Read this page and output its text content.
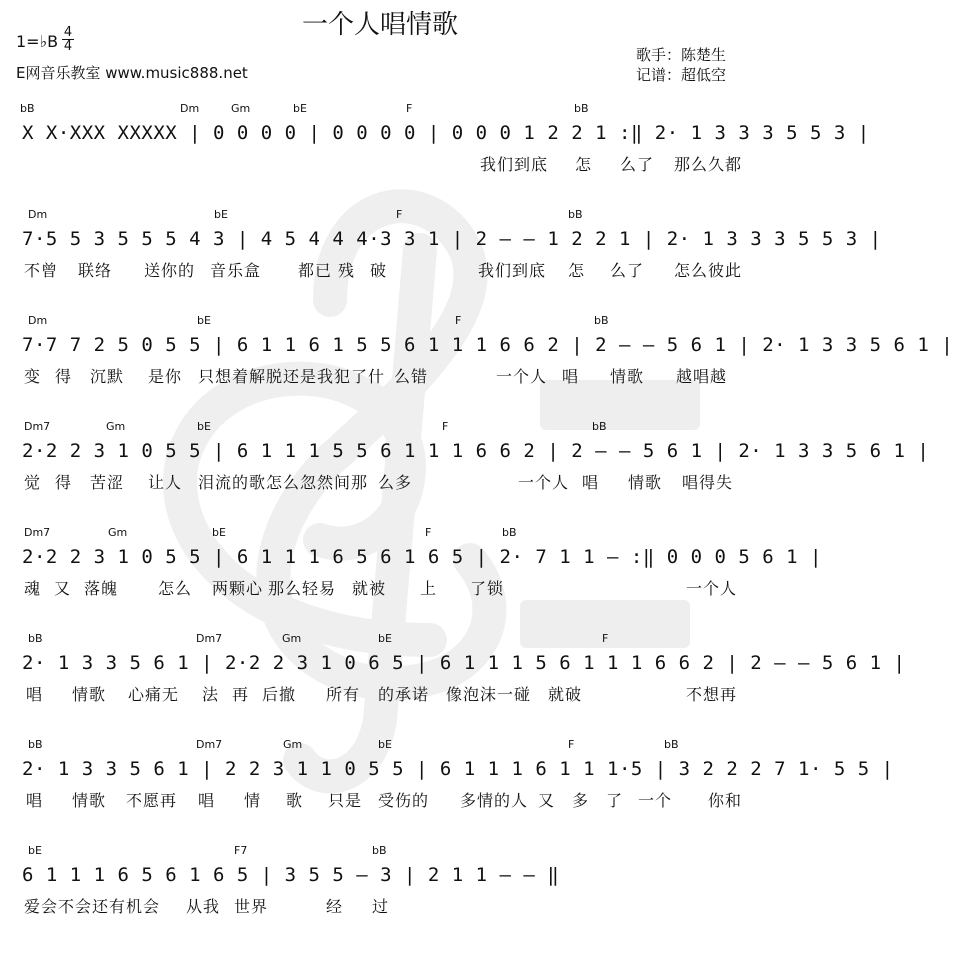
一个人唱情歌
1=♭B 4
4
E网音乐教室 www.music888.net
歌手：陈楚生
记谱：超低空
bB	Dm	Gm	bE	F	bB
X X·XXX XXXXX | 0 0 0 0 | 0 0 0 0 | 0 0 0 1 2 2 1 :‖ 2· 1 3 3 3 5 5 3 |
我们到底 怎 么了 那么久都
Dm	bE	F	bB
7·5 5 3 5 5 5 4 3 | 4 5 4 4 4·3 3 1 | 2 — — 1 2 2 1 | 2· 1 3 3 3 5 5 3 |
不曾 联络 送你的 音乐盒 都已 残 破	我们到底 怎 么了 怎么彼此
Dm	bE	F	bB
7·7 7 2 5 0 5 5 | 6 1 1 6 1 5 5 6 1 1 1 6 6 2 | 2 — — 5 6 1 | 2· 1 3 3 5 6 1 |
变 得 沉默 是你 只想着解脱还是我犯了什 么错	一个人 唱 情歌 越唱越
Dm7	Gm	bE	F	bB
2·2 2 3 1 0 5 5 | 6 1 1 1 5 5 6 1 1 1 6 6 2 | 2 — — 5 6 1 | 2· 1 3 3 5 6 1 |
觉 得 苦涩 让人 泪流的歌怎么忽然间那 么多	一个人 唱 情歌 唱得失
Dm7	Gm	bE	F	bB
2·2 2 3 1 0 5 5 | 6 1 1 1 6 5 6 1 6 5 | 2· 7 1 1 — :‖ 0 0 0 5 6 1 |
魂 又 落魄 怎么 两颗心 那么轻易 就被 上 了锁	一个人
bB	Dm7	Gm	bE	F
2· 1 3 3 5 6 1 | 2·2 2 3 1 0 6 5 | 6 1 1 1 5 6 1 1 1 6 6 2 | 2 — — 5 6 1 |
唱 情歌 心痛无 法 再 后撤 所有 的承诺 像泡沫一碰 就破	不想再
bB	Dm7	Gm	bE	F	bB
2· 1 3 3 5 6 1 | 2 2 3 1 1 0 5 5 | 6 1 1 1 6 1 1 1·5 | 3 2 2 2 7 1· 5 5 |
唱 情歌 不愿再 唱 情 歌 只是 受伤的 多情的人 又 多 了 一个 你和
bE	F7	bB
6 1 1 1 6 5 6 1 6 5 | 3 5 5 — 3 | 2 1 1 — — ‖
爱会不会还有机会 从我 世界	经 过
